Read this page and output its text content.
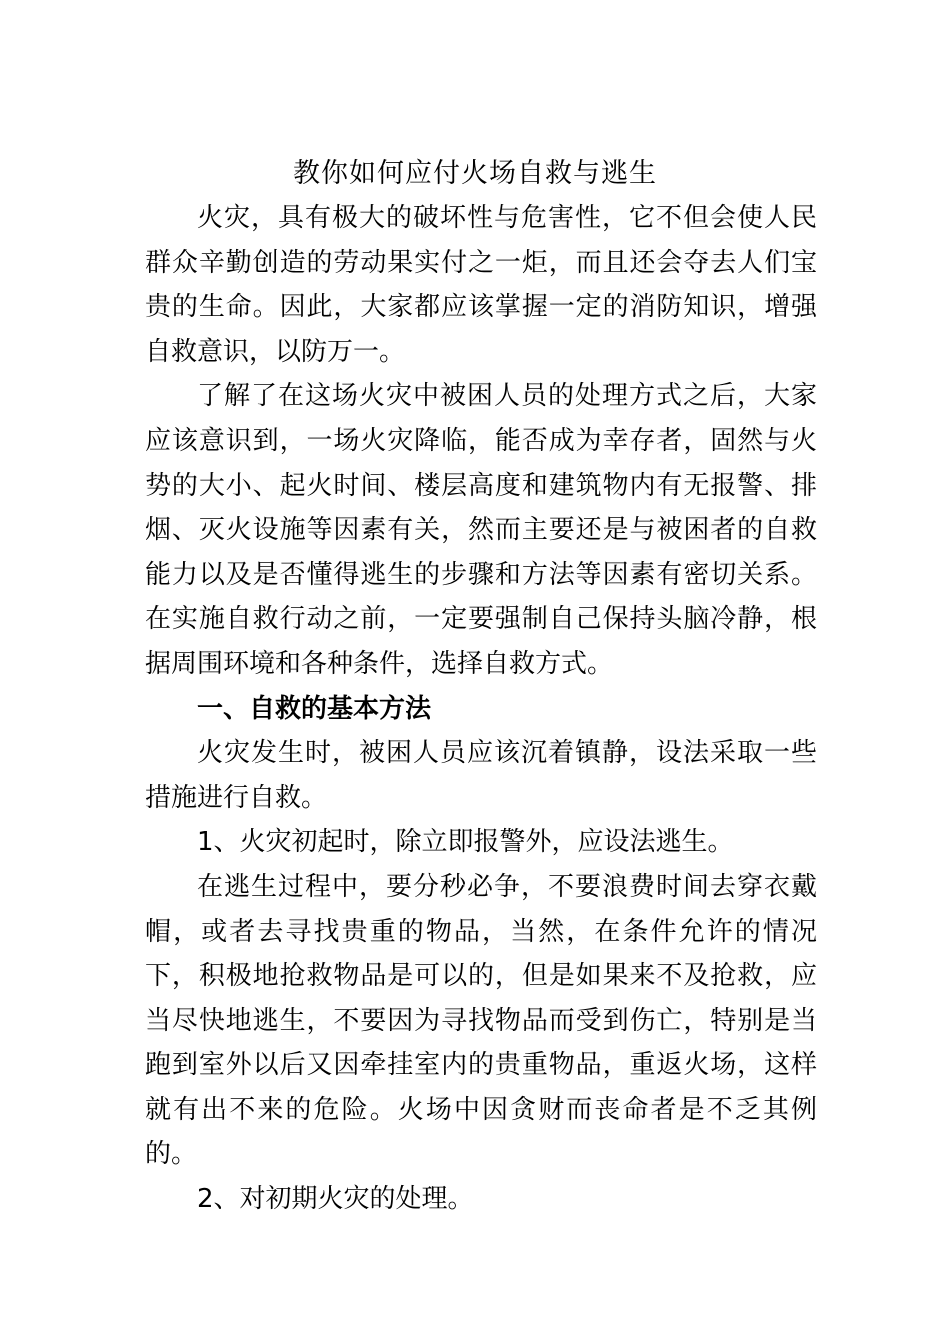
教你如何应付火场自救与逃生

火灾，具有极大的破坏性与危害性，它不但会使人民群众辛勤创造的劳动果实付之一炬，而且还会夺去人们宝贵的生命。因此，大家都应该掌握一定的消防知识，增强自救意识，以防万一。

了解了在这场火灾中被困人员的处理方式之后，大家应该意识到，一场火灾降临，能否成为幸存者，固然与火势的大小、起火时间、楼层高度和建筑物内有无报警、排烟、灭火设施等因素有关，然而主要还是与被困者的自救能力以及是否懂得逃生的步骤和方法等因素有密切关系。在实施自救行动之前，一定要强制自己保持头脑冷静，根据周围环境和各种条件，选择自救方式。

一、自救的基本方法

火灾发生时，被困人员应该沉着镇静，设法采取一些措施进行自救。

1、火灾初起时，除立即报警外，应设法逃生。

在逃生过程中，要分秒必争，不要浪费时间去穿衣戴帽，或者去寻找贵重的物品，当然，在条件允许的情况下，积极地抢救物品是可以的，但是如果来不及抢救，应当尽快地逃生，不要因为寻找物品而受到伤亡，特别是当跑到室外以后又因牵挂室内的贵重物品，重返火场，这样就有出不来的危险。火场中因贪财而丧命者是不乏其例的。

2、对初期火灾的处理。
